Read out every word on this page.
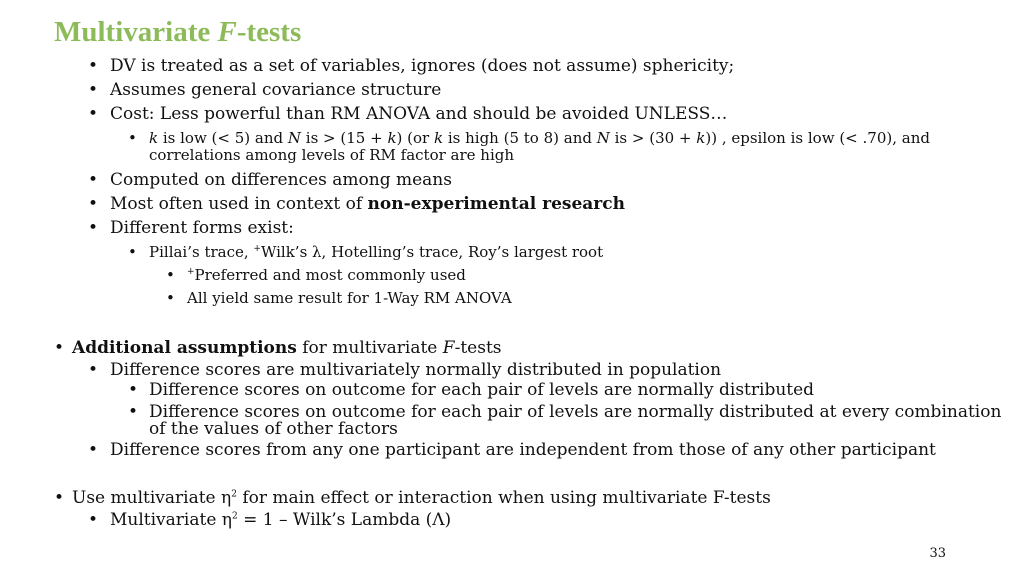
Multivariate F-tests
• DV is treated as a set of variables, ignores (does not assume) sphericity;
• Assumes general covariance structure
• Cost: Less powerful than RM ANOVA and should be avoided UNLESS…
• k is low (< 5) and N is > (15 + k) (or k is high (5 to 8) and N is > (30 + k)) , epsilon is low (< .70), and
correlations among levels of RM factor are high
• Computed on differences among means
• Most often used in context of non-experimental research
• Different forms exist:
• Pillai’s trace, +Wilk’s λ, Hotelling’s trace, Roy’s largest root
• +Preferred and most commonly used
• All yield same result for 1-Way RM ANOVA
• Additional assumptions for multivariate F-tests
• Difference scores are multivariately normally distributed in population
• Difference scores on outcome for each pair of levels are normally distributed
• Difference scores on outcome for each pair of levels are normally distributed at every combination
of the values of other factors
• Difference scores from any one participant are independent from those of any other participant
• Use multivariate $\eta^2$ for main effect or interaction when using multivariate F-tests
• Multivariate $\eta^2 = 1$ – Wilk’s Lambda (Λ)
33
